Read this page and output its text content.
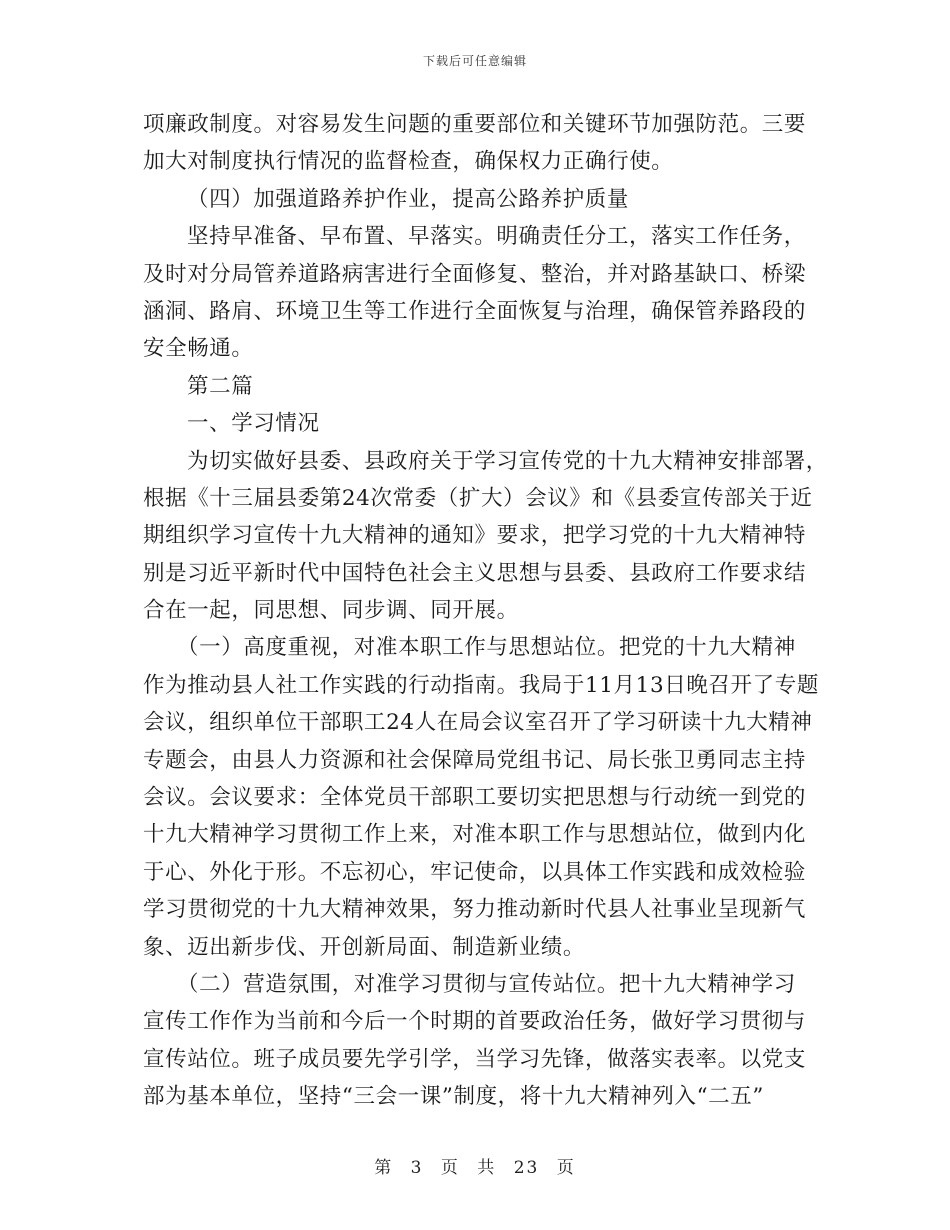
下载后可任意编辑
项廉政制度。对容易发生问题的重要部位和关键环节加强防范。三要
加大对制度执行情况的监督检查，确保权力正确行使。
（四）加强道路养护作业，提高公路养护质量
坚持早准备、早布置、早落实。明确责任分工，落实工作任务，
及时对分局管养道路病害进行全面修复、整治，并对路基缺口、桥梁
涵洞、路肩、环境卫生等工作进行全面恢复与治理，确保管养路段的
安全畅通。
第二篇
一、学习情况
为切实做好县委、县政府关于学习宣传党的十九大精神安排部署，
根据《十三届县委第24次常委（扩大）会议》和《县委宣传部关于近
期组织学习宣传十九大精神的通知》要求，把学习党的十九大精神特
别是习近平新时代中国特色社会主义思想与县委、县政府工作要求结
合在一起，同思想、同步调、同开展。
（一）高度重视，对准本职工作与思想站位。把党的十九大精神
作为推动县人社工作实践的行动指南。我局于11月13日晚召开了专题
会议，组织单位干部职工24人在局会议室召开了学习研读十九大精神
专题会，由县人力资源和社会保障局党组书记、局长张卫勇同志主持
会议。会议要求：全体党员干部职工要切实把思想与行动统一到党的
十九大精神学习贯彻工作上来，对准本职工作与思想站位，做到内化
于心、外化于形。不忘初心，牢记使命，以具体工作实践和成效检验
学习贯彻党的十九大精神效果，努力推动新时代县人社事业呈现新气
象、迈出新步伐、开创新局面、制造新业绩。
（二）营造氛围，对准学习贯彻与宣传站位。把十九大精神学习
宣传工作作为当前和今后一个时期的首要政治任务，做好学习贯彻与
宣传站位。班子成员要先学引学，当学习先锋，做落实表率。以党支
部为基本单位，坚持“三会一课”制度，将十九大精神列入“二五”
第 3 页 共 23 页
